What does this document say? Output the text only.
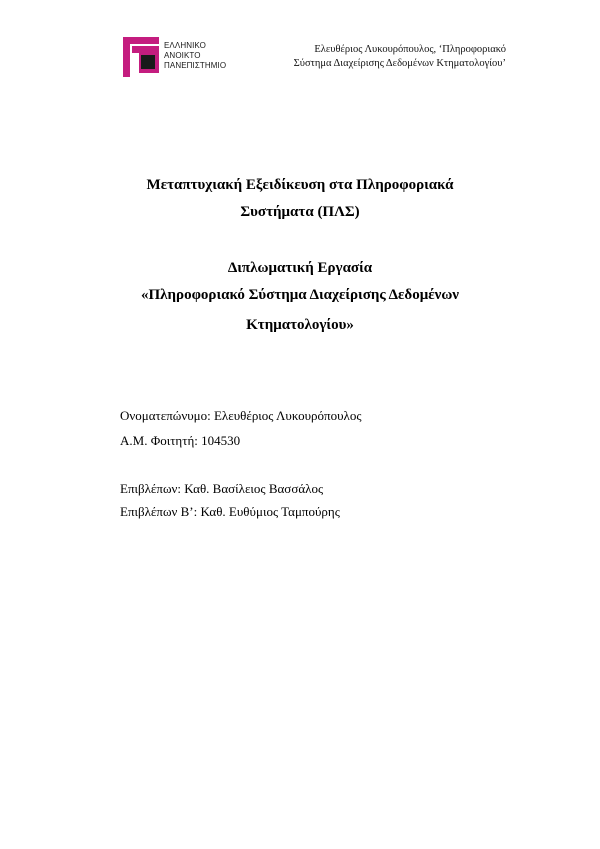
ΕΛΛΗΝΙΚΟ
ΑΝΟΙΚΤΟ
ΠΑΝΕΠΙΣΤΗΜΙΟ
Ελευθέριος Λυκουρόπουλος, ‘Πληροφοριακό
Σύστημα Διαχείρισης Δεδομένων Κτηματολογίου’
Μεταπτυχιακή Εξειδίκευση στα Πληροφοριακά
Συστήματα (ΠΛΣ)
Διπλωματική Εργασία
«Πληροφοριακό Σύστημα Διαχείρισης Δεδομένων
Κτηματολογίου»
Ονοματεπώνυμο: Ελευθέριος Λυκουρόπουλος
Α.Μ. Φοιτητή: 104530
Επιβλέπων: Καθ. Βασίλειος Βασσάλος
Επιβλέπων Β’: Καθ. Ευθύμιος Ταμπούρης
